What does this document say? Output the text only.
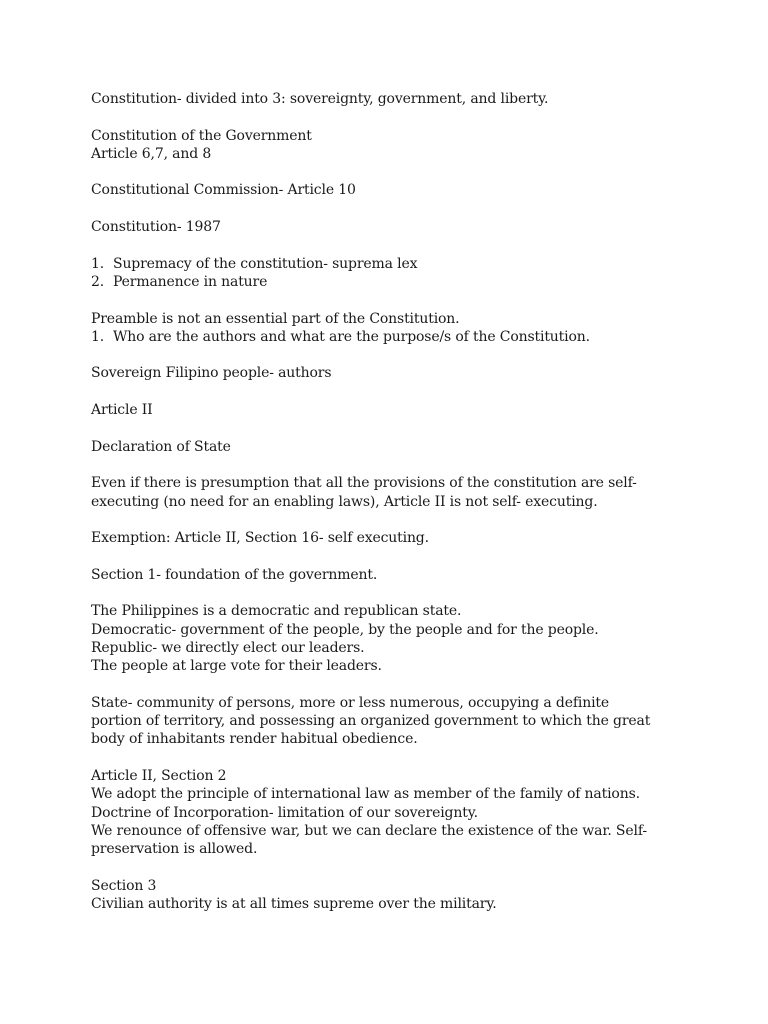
Constitution- divided into 3: sovereignty, government, and liberty.

Constitution of the Government
Article 6,7, and 8

Constitutional Commission- Article 10

Constitution- 1987

1. Supremacy of the constitution- suprema lex
2. Permanence in nature
Preamble is not an essential part of the Constitution.
1. Who are the authors and what are the purpose/s of the Constitution.

Sovereign Filipino people- authors

Article II

Declaration of State

Even if there is presumption that all the provisions of the constitution are self-
executing (no need for an enabling laws), Article II is not self- executing.

Exemption: Article II, Section 16- self executing.

Section 1- foundation of the government.

The Philippines is a democratic and republican state.
Democratic- government of the people, by the people and for the people.
Republic- we directly elect our leaders.
The people at large vote for their leaders.

State- community of persons, more or less numerous, occupying a definite
portion of territory, and possessing an organized government to which the great
body of inhabitants render habitual obedience.

Article II, Section 2
We adopt the principle of international law as member of the family of nations.
Doctrine of Incorporation- limitation of our sovereignty.
We renounce of offensive war, but we can declare the existence of the war. Self-
preservation is allowed.

Section 3
Civilian authority is at all times supreme over the military.
